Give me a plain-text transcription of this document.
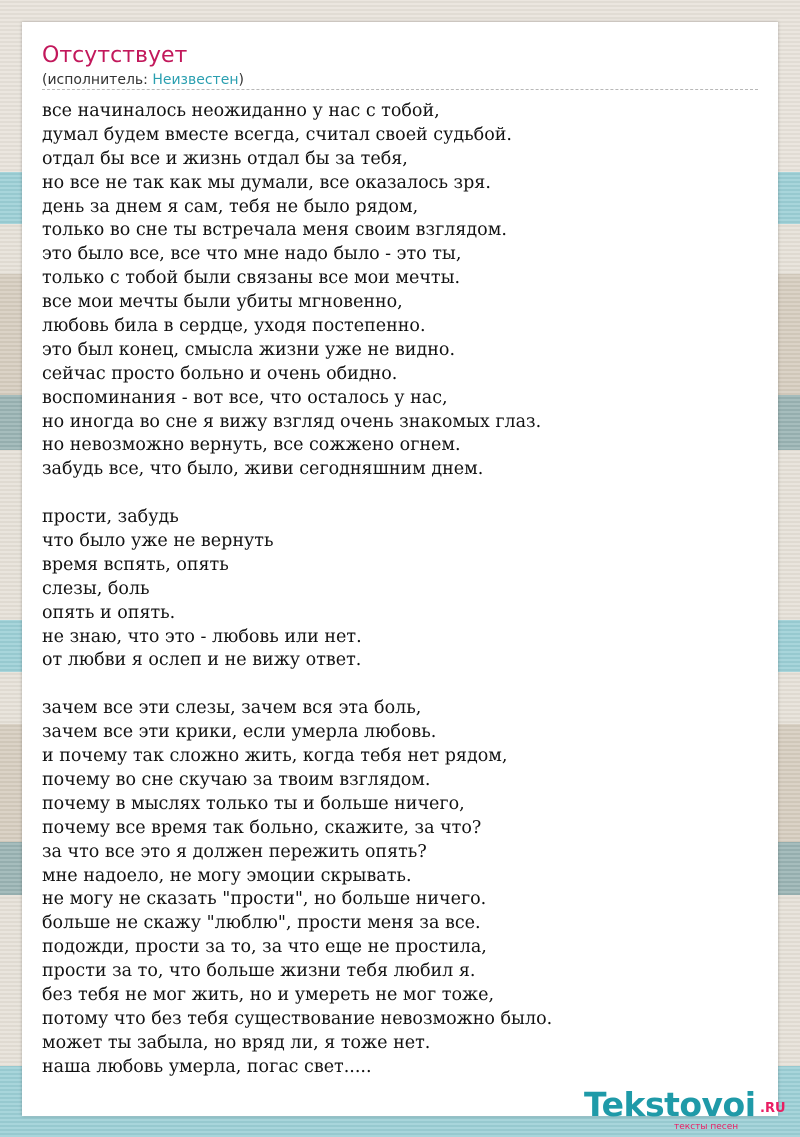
Отсутствует
(исполнитель: Неизвестен)
все начиналось неожиданно у нас с тобой,
думал будем вместе всегда, считал своей судьбой.
отдал бы все и жизнь отдал бы за тебя,
но все не так как мы думали, все оказалось зря.
день за днем я сам, тебя не было рядом,
только во сне ты встречала меня своим взглядом.
это было все, все что мне надо было - это ты,
только с тобой были связаны все мои мечты.
все мои мечты были убиты мгновенно,
любовь била в сердце, уходя постепенно.
это был конец, смысла жизни уже не видно.
сейчас просто больно и очень обидно.
воспоминания - вот все, что осталось у нас,
но иногда во сне я вижу взгляд очень знакомых глаз.
но невозможно вернуть, все сожжено огнем.
забудь все, что было, живи сегодняшним днем.
прости, забудь
что было уже не вернуть
время вспять, опять
слезы, боль
опять и опять.
не знаю, что это - любовь или нет.
от любви я ослеп и не вижу ответ.
зачем все эти слезы, зачем вся эта боль,
зачем все эти крики, если умерла любовь.
и почему так сложно жить, когда тебя нет рядом,
почему во сне скучаю за твоим взглядом.
почему в мыслях только ты и больше ничего,
почему все время так больно, скажите, за что?
за что все это я должен пережить опять?
мне надоело, не могу эмоции скрывать.
не могу не сказать "прости", но больше ничего.
больше не скажу "люблю", прости меня за все.
подожди, прости за то, за что еще не простила,
прости за то, что больше жизни тебя любил я.
без тебя не мог жить, но и умереть не мог тоже,
потому что без тебя существование невозможно было.
может ты забыла, но вряд ли, я тоже нет.
наша любовь умерла, погас свет.....
Tekstovoi .RU
тексты песен
